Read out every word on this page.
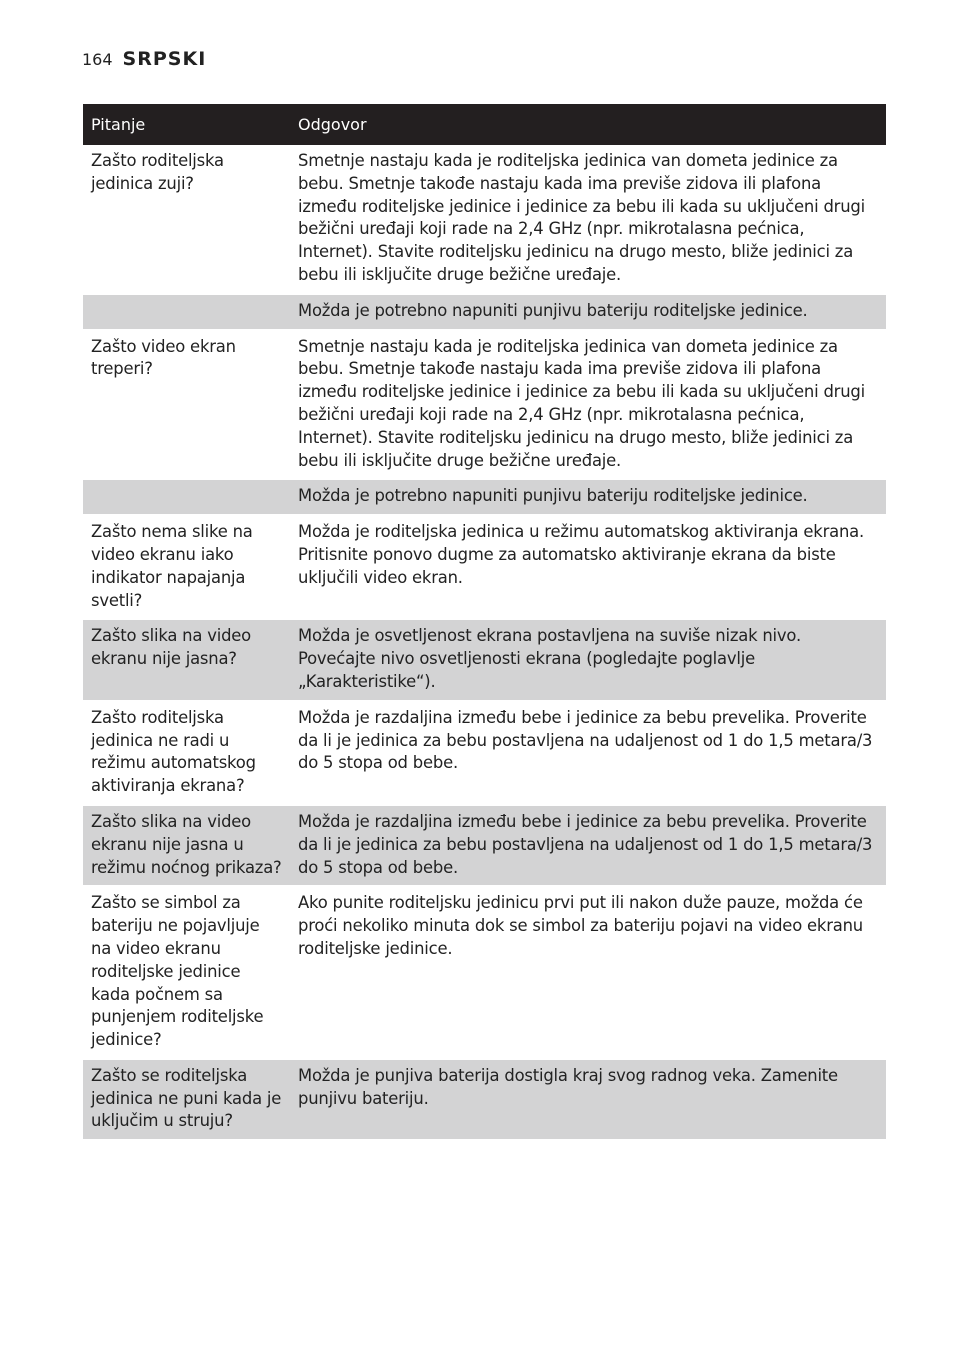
164 SRPSKI
Pitanje	Odgovor
Zašto roditeljska jedinica zuji?	Smetnje nastaju kada je roditeljska jedinica van dometa jedinice za bebu. Smetnje takođe nastaju kada ima previše zidova ili plafona između roditeljske jedinice i jedinice za bebu ili kada su uključeni drugi bežični uređaji koji rade na 2,4 GHz (npr. mikrotalasna pećnica, Internet). Stavite roditeljsku jedinicu na drugo mesto, bliže jedinici za bebu ili isključite druge bežične uređaje.
	Možda je potrebno napuniti punjivu bateriju roditeljske jedinice.
Zašto video ekran treperi?	Smetnje nastaju kada je roditeljska jedinica van dometa jedinice za bebu. Smetnje takođe nastaju kada ima previše zidova ili plafona između roditeljske jedinice i jedinice za bebu ili kada su uključeni drugi bežični uređaji koji rade na 2,4 GHz (npr. mikrotalasna pećnica, Internet). Stavite roditeljsku jedinicu na drugo mesto, bliže jedinici za bebu ili isključite druge bežične uređaje.
	Možda je potrebno napuniti punjivu bateriju roditeljske jedinice.
Zašto nema slike na video ekranu iako indikator napajanja svetli?	Možda je roditeljska jedinica u režimu automatskog aktiviranja ekrana. Pritisnite ponovo dugme za automatsko aktiviranje ekrana da biste uključili video ekran.
Zašto slika na video ekranu nije jasna?	Možda je osvetljenost ekrana postavljena na suviše nizak nivo. Povećajte nivo osvetljenosti ekrana (pogledajte poglavlje „Karakteristike“).
Zašto roditeljska jedinica ne radi u režimu automatskog aktiviranja ekrana?	Možda je razdaljina između bebe i jedinice za bebu prevelika. Proverite da li je jedinica za bebu postavljena na udaljenost od 1 do 1,5 metara/3 do 5 stopa od bebe.
Zašto slika na video ekranu nije jasna u režimu noćnog prikaza?	Možda je razdaljina između bebe i jedinice za bebu prevelika. Proverite da li je jedinica za bebu postavljena na udaljenost od 1 do 1,5 metara/3 do 5 stopa od bebe.
Zašto se simbol za bateriju ne pojavljuje na video ekranu roditeljske jedinice kada počnem sa punjenjem roditeljske jedinice?	Ako punite roditeljsku jedinicu prvi put ili nakon duže pauze, možda će proći nekoliko minuta dok se simbol za bateriju pojavi na video ekranu roditeljske jedinice.
Zašto se roditeljska jedinica ne puni kada je uključim u struju?	Možda je punjiva baterija dostigla kraj svog radnog veka. Zamenite punjivu bateriju.
